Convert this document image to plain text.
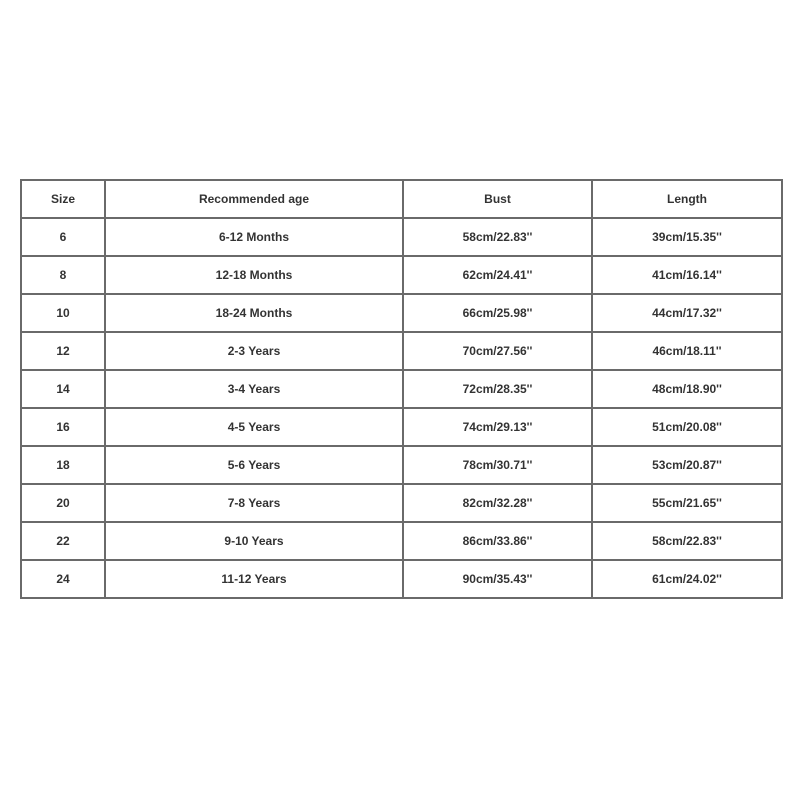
Size	Recommended age	Bust	Length
6	6-12 Months	58cm/22.83''	39cm/15.35''
8	12-18 Months	62cm/24.41''	41cm/16.14''
10	18-24 Months	66cm/25.98''	44cm/17.32''
12	2-3 Years	70cm/27.56''	46cm/18.11''
14	3-4 Years	72cm/28.35''	48cm/18.90''
16	4-5 Years	74cm/29.13''	51cm/20.08''
18	5-6 Years	78cm/30.71''	53cm/20.87''
20	7-8 Years	82cm/32.28''	55cm/21.65''
22	9-10 Years	86cm/33.86''	58cm/22.83''
24	11-12 Years	90cm/35.43''	61cm/24.02''
